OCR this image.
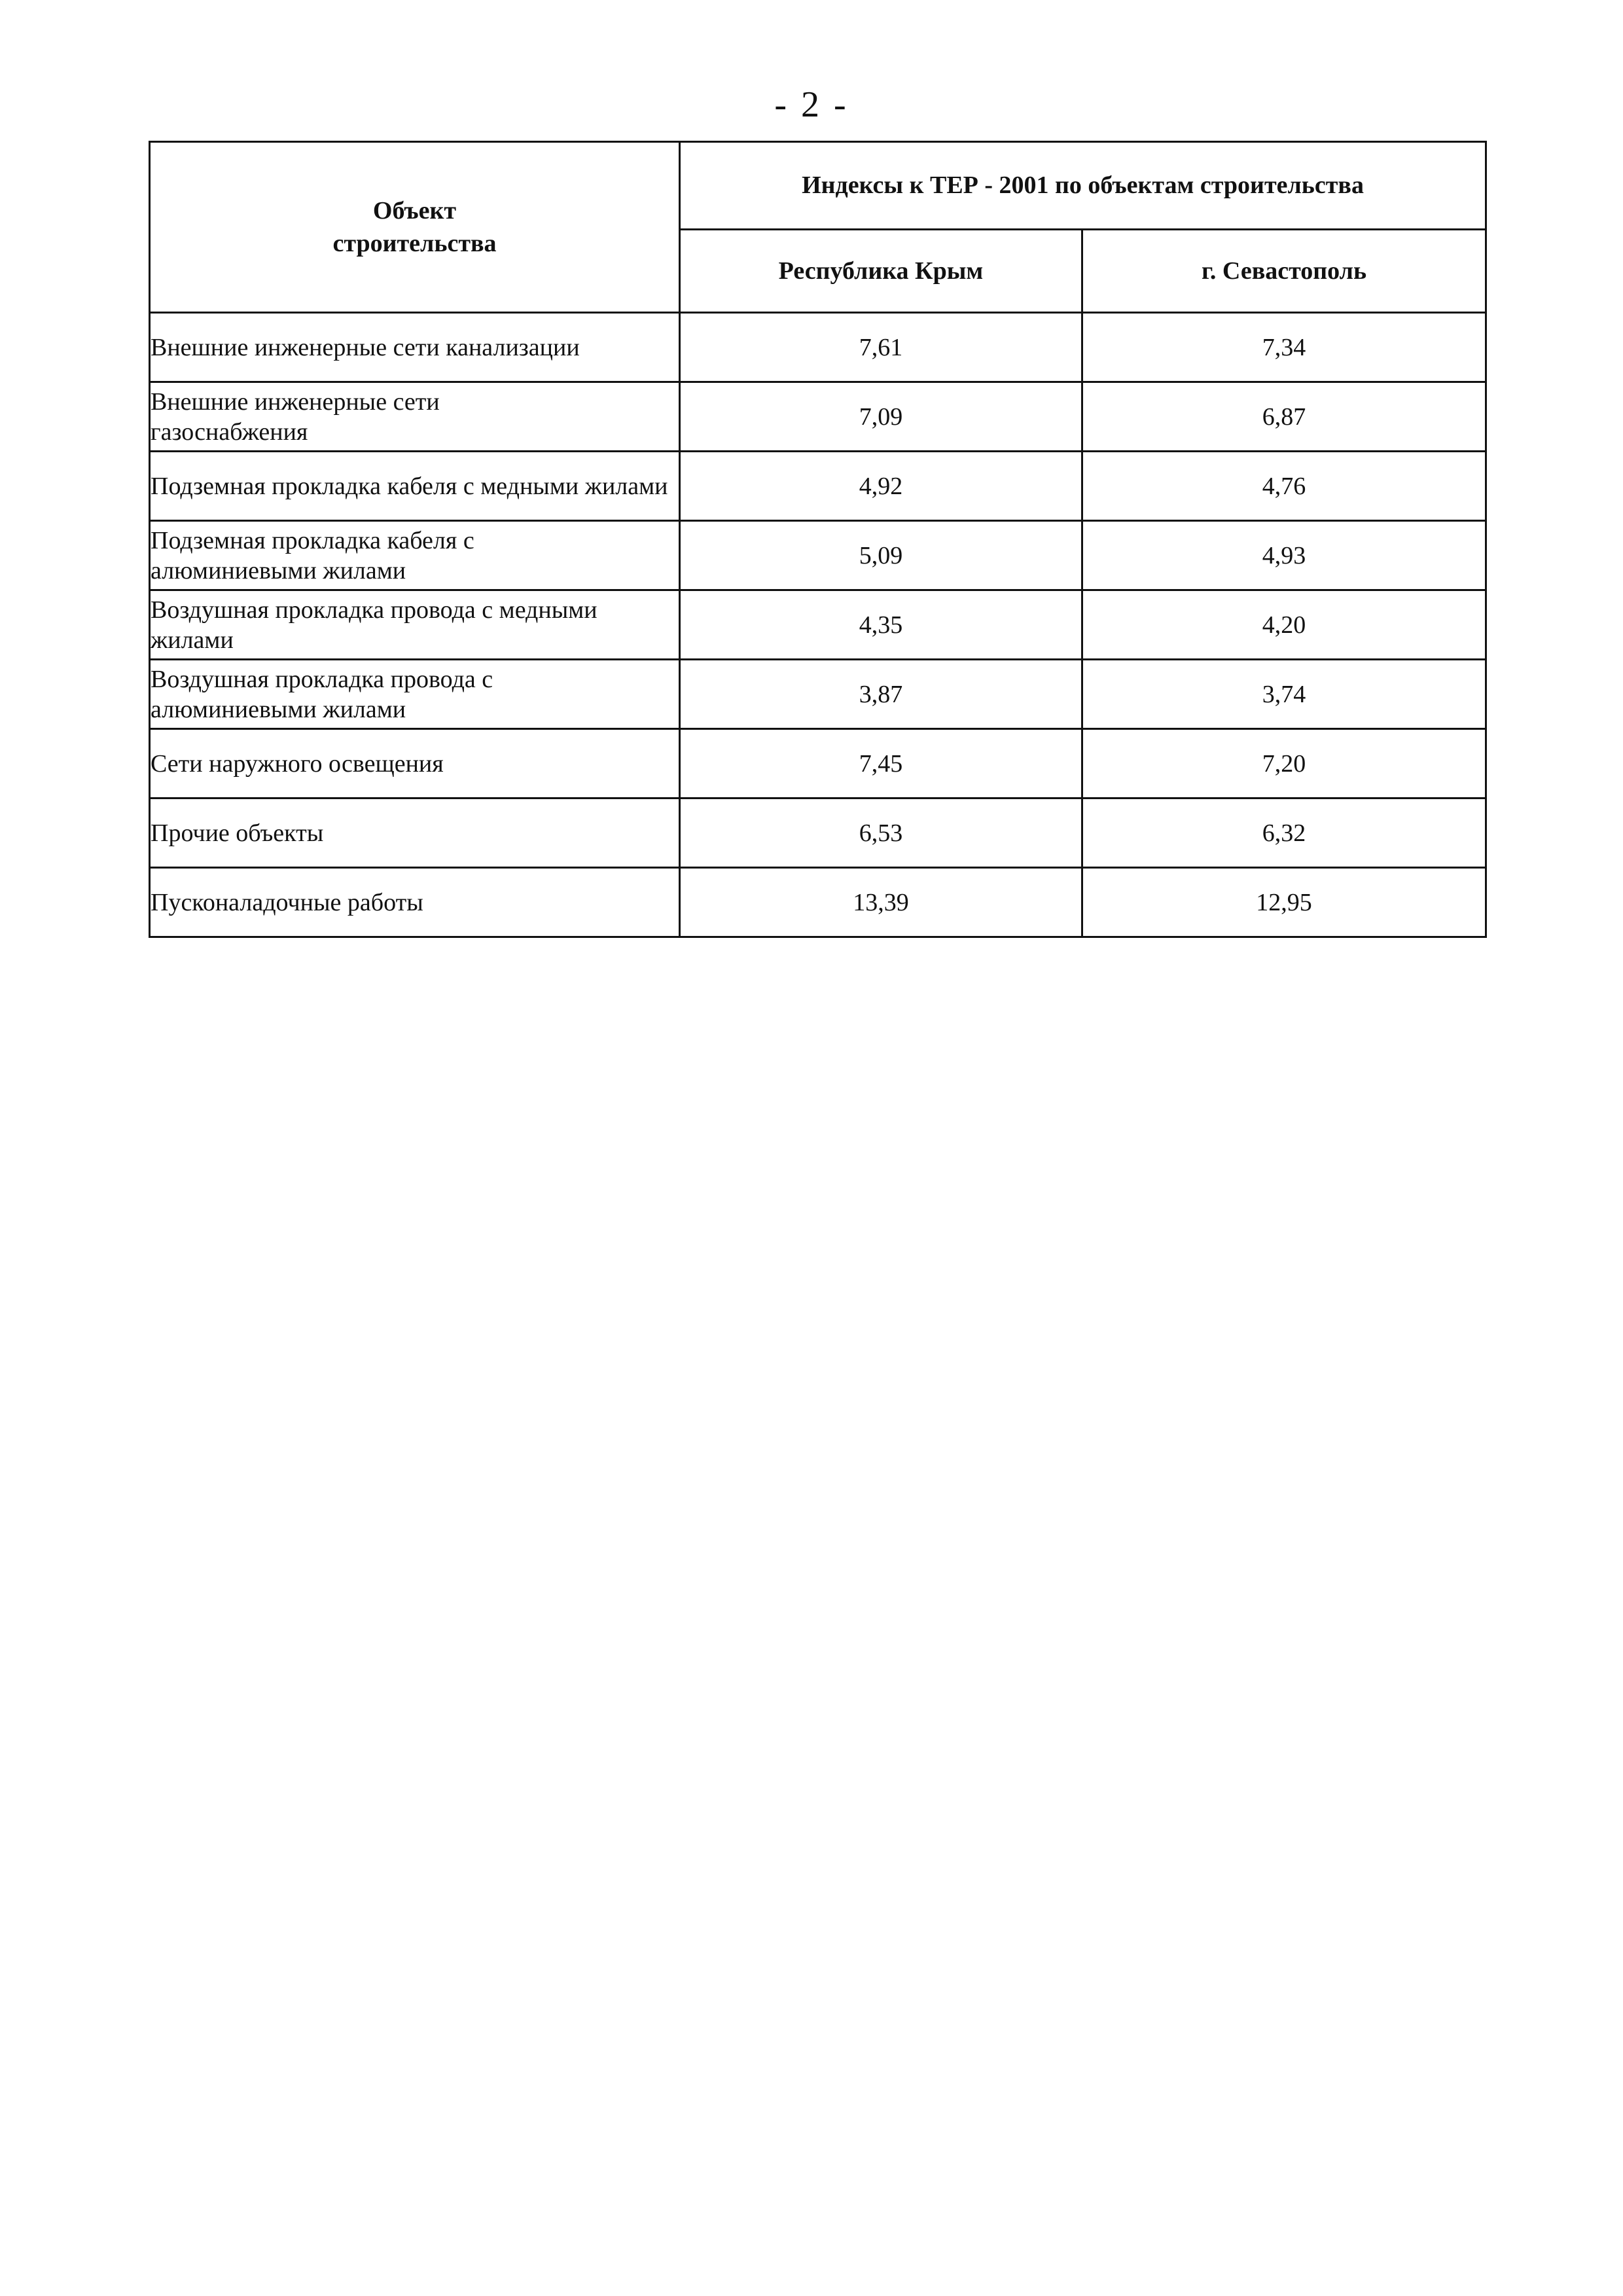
- 2 -
Объект строительства	Индексы к ТЕР - 2001 по объектам строительства	
	Республика Крым	г. Севастополь
Внешние инженерные сети канализации	7,61	7,34
Внешние инженерные сети газоснабжения	7,09	6,87
Подземная прокладка кабеля с медными жилами	4,92	4,76
Подземная прокладка кабеля с алюминиевыми жилами	5,09	4,93
Воздушная прокладка провода с медными жилами	4,35	4,20
Воздушная прокладка провода с алюминиевыми жилами	3,87	3,74
Сети наружного освещения	7,45	7,20
Прочие объекты	6,53	6,32
Пусконаладочные работы	13,39	12,95
